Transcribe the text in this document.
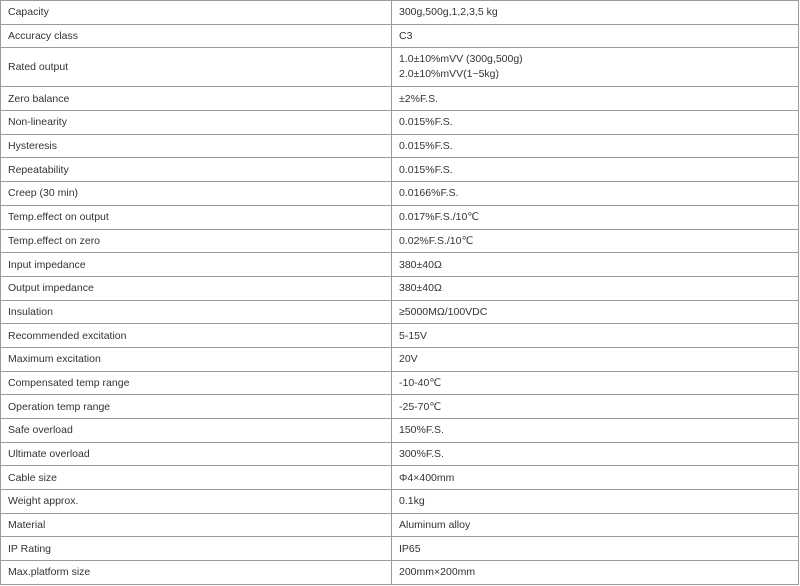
Capacity	300g,500g,1,2,3,5 kg
Accuracy class	C3
Rated output	1.0±10%mVV (300g,500g)
2.0±10%mVV(1~5kg)

Zero balance	±2%F.S.
Non-linearity	0.015%F.S.
Hysteresis	0.015%F.S.
Repeatability	0.015%F.S.
Creep (30 min)	0.0166%F.S.
Temp.effect on output	0.017%F.S./10℃
Temp.effect on zero	0.02%F.S./10℃
Input impedance	380±40Ω
Output impedance	380±40Ω
Insulation	≥5000MΩ/100VDC
Recommended excitation	5-15V
Maximum excitation	20V
Compensated temp range	-10-40℃
Operation temp range	-25-70℃
Safe overload	150%F.S.
Ultimate overload	300%F.S.
Cable size	Φ4×400mm
Weight approx.	0.1kg
Material	Aluminum alloy
IP Rating	IP65
Max.platform size	200mm×200mm
